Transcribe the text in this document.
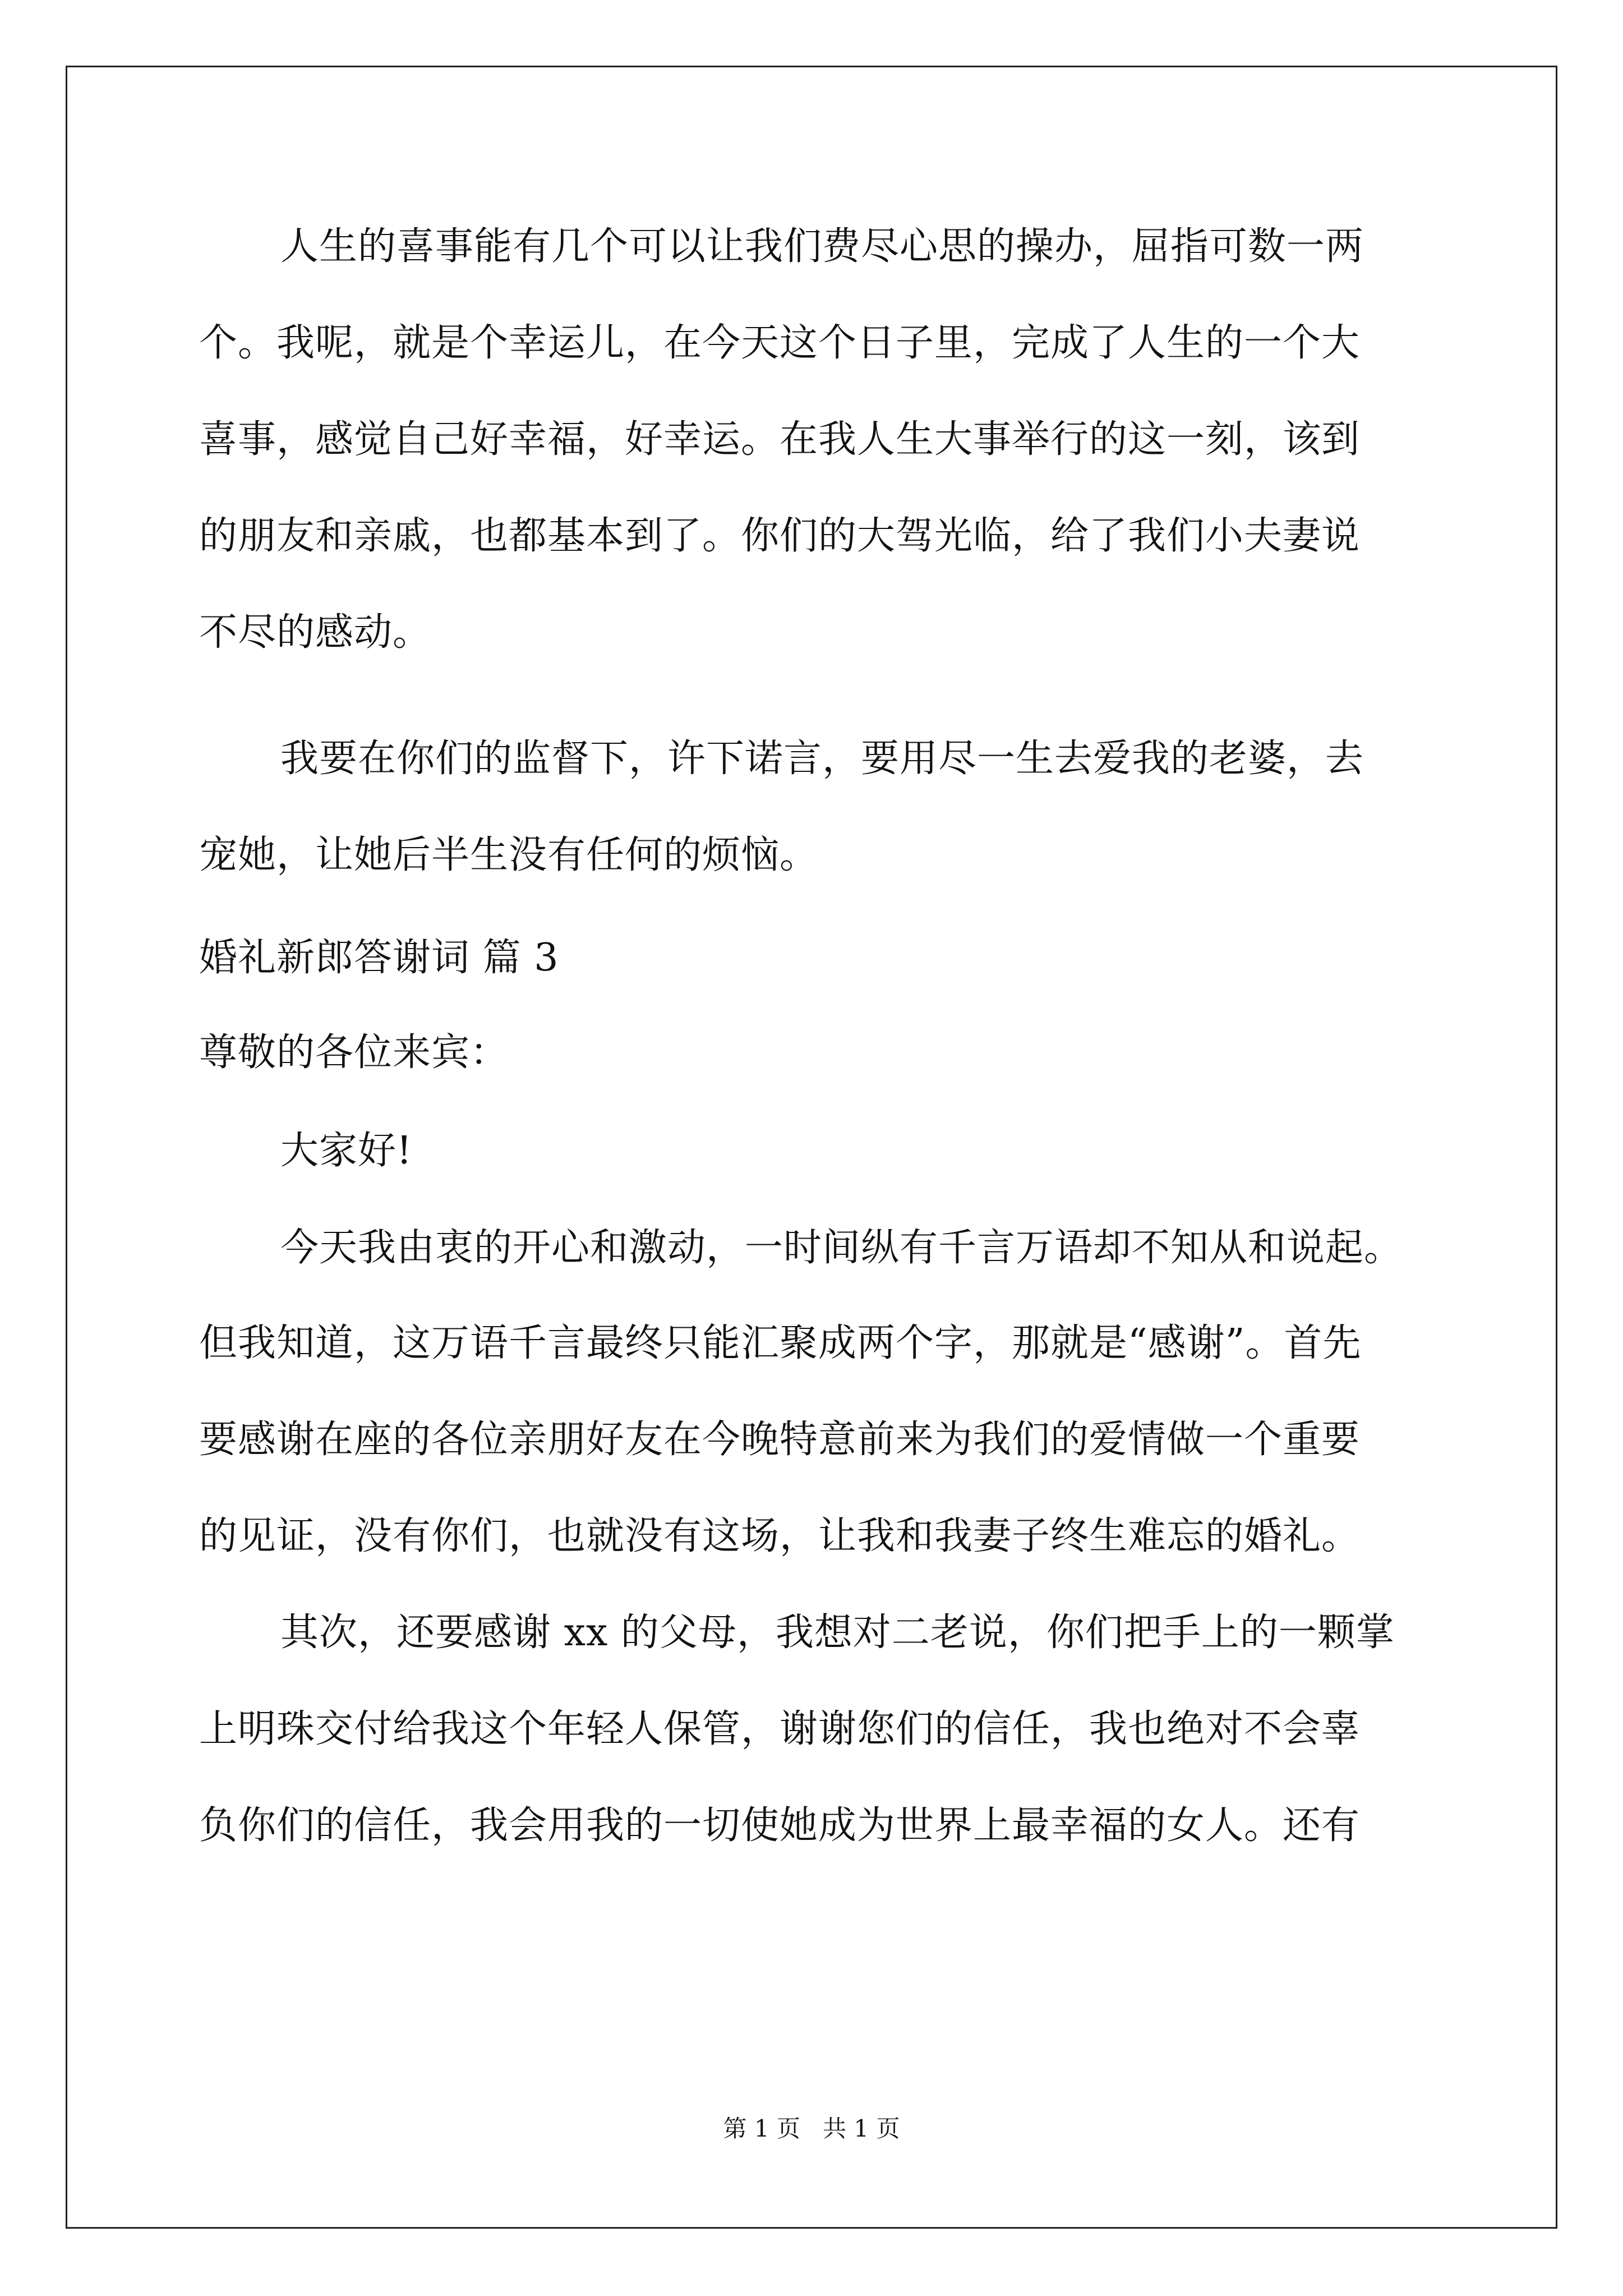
人生的喜事能有几个可以让我们费尽心思的操办，屈指可数一两
个。我呢，就是个幸运儿，在今天这个日子里，完成了人生的一个大
喜事，感觉自己好幸福，好幸运。在我人生大事举行的这一刻，该到
的朋友和亲戚，也都基本到了。你们的大驾光临，给了我们小夫妻说
不尽的感动。
我要在你们的监督下，许下诺言，要用尽一生去爱我的老婆，去
宠她，让她后半生没有任何的烦恼。
婚礼新郎答谢词 篇 3
尊敬的各位来宾：
大家好!
今天我由衷的开心和激动，一时间纵有千言万语却不知从和说起。
但我知道，这万语千言最终只能汇聚成两个字，那就是“感谢”。首先
要感谢在座的各位亲朋好友在今晚特意前来为我们的爱情做一个重要
的见证，没有你们，也就没有这场，让我和我妻子终生难忘的婚礼。
其次，还要感谢 xx 的父母，我想对二老说，你们把手上的一颗掌
上明珠交付给我这个年轻人保管，谢谢您们的信任，我也绝对不会辜
负你们的信任，我会用我的一切使她成为世界上最幸福的女人。还有
第 1 页   共 1 页
